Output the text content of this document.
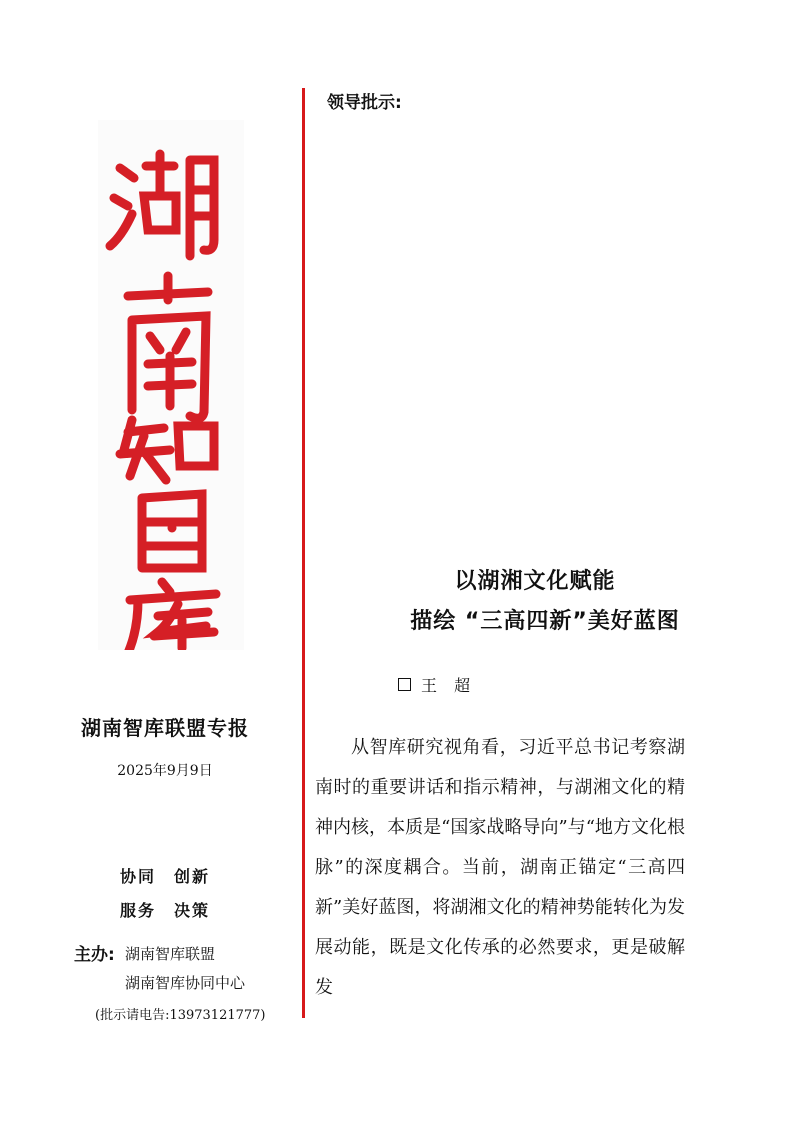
湖南智库联盟专报
2025年9月9日
协同　创新
服务　决策
主办: 湖南智库联盟
湖南智库协同中心
(批示请电告:13973121777)
领导批示:
以湖湘文化赋能
描绘 “三高四新”美好蓝图
王 超

从智库研究视角看，习近平总书记考察湖南时的重要讲话和指示精神，与湖湘文化的精神内核，本质是“国家战略导向”与“地方文化根脉”的深度耦合。当前，湖南正锚定“三高四新”美好蓝图，将湖湘文化的精神势能转化为发展动能，既是文化传承的必然要求，更是破解发
